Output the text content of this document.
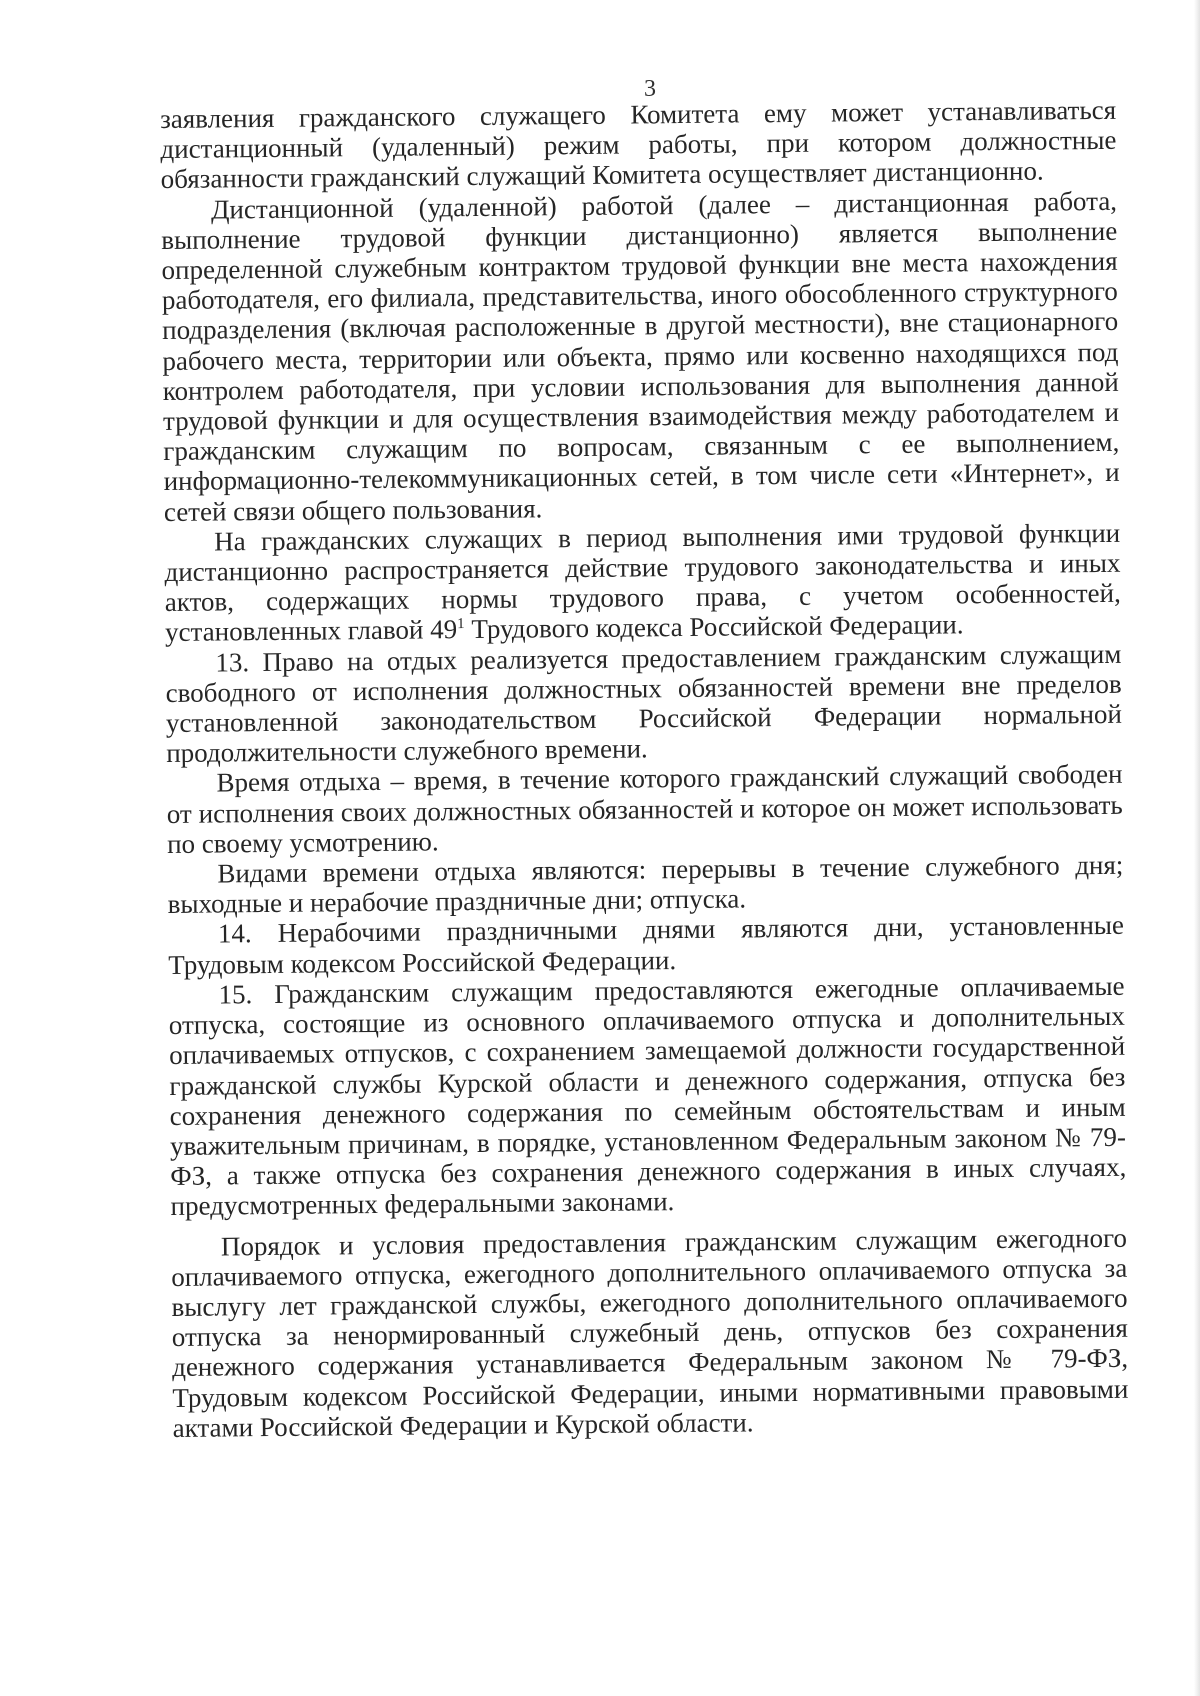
3

заявления гражданского служащего Комитета ему может устанавливаться дистанционный (удаленный) режим работы, при котором должностные обязанности гражданский служащий Комитета осуществляет дистанционно.

Дистанционной (удаленной) работой (далее – дистанционная работа, выполнение трудовой функции дистанционно) является выполнение определенной служебным контрактом трудовой функции вне места нахождения работодателя, его филиала, представительства, иного обособленного структурного подразделения (включая расположенные в другой местности), вне стационарного рабочего места, территории или объекта, прямо или косвенно находящихся под контролем работодателя, при условии использования для выполнения данной трудовой функции и для осуществления взаимодействия между работодателем и гражданским служащим по вопросам, связанным с ее выполнением, информационно-телекоммуникационных сетей, в том числе сети «Интернет», и сетей связи общего пользования.

На гражданских служащих в период выполнения ими трудовой функции дистанционно распространяется действие трудового законодательства и иных актов, содержащих нормы трудового права, с учетом особенностей, установленных главой $49^1$ Трудового кодекса Российской Федерации.

13. Право на отдых реализуется предоставлением гражданским служащим свободного от исполнения должностных обязанностей времени вне пределов установленной законодательством Российской Федерации нормальной продолжительности служебного времени.

Время отдыха – время, в течение которого гражданский служащий свободен от исполнения своих должностных обязанностей и которое он может использовать по своему усмотрению.

Видами времени отдыха являются: перерывы в течение служебного дня; выходные и нерабочие праздничные дни; отпуска.

14. Нерабочими праздничными днями являются дни, установленные Трудовым кодексом Российской Федерации.

15. Гражданским служащим предоставляются ежегодные оплачиваемые отпуска, состоящие из основного оплачиваемого отпуска и дополнительных оплачиваемых отпусков, с сохранением замещаемой должности государственной гражданской службы Курской области и денежного содержания, отпуска без сохранения денежного содержания по семейным обстоятельствам и иным уважительным причинам, в порядке, установленном Федеральным законом № 79-ФЗ, а также отпуска без сохранения денежного содержания в иных случаях, предусмотренных федеральными законами.

Порядок и условия предоставления гражданским служащим ежегодного оплачиваемого отпуска, ежегодного дополнительного оплачиваемого отпуска за выслугу лет гражданской службы, ежегодного дополнительного оплачиваемого отпуска за ненормированный служебный день, отпусков без сохранения денежного содержания устанавливается Федеральным законом № 79-ФЗ, Трудовым кодексом Российской Федерации, иными нормативными правовыми актами Российской Федерации и Курской области.
